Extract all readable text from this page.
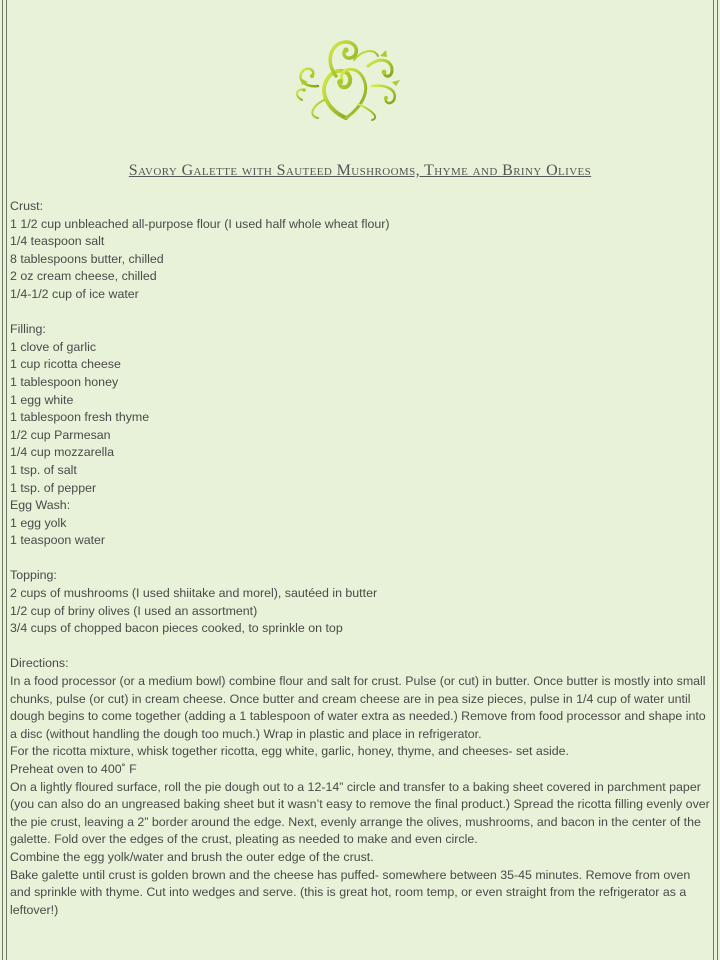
Savory Galette with Sauteed Mushrooms, Thyme and Briny Olives

Crust:

1 1/2 cup unbleached all-purpose flour (I used half whole wheat flour)

1/4 teaspoon salt

8 tablespoons butter, chilled

2 oz cream cheese, chilled

1/4-1/2 cup of ice water

Filling:

1 clove of garlic

1 cup ricotta cheese

1 tablespoon honey

1 egg white

1 tablespoon fresh thyme

1/2 cup Parmesan

1/4 cup mozzarella

1 tsp. of salt

1 tsp. of pepper

Egg Wash:

1 egg yolk

1 teaspoon water

Topping:

2 cups of mushrooms (I used shiitake and morel), sautéed in butter

1/2 cup of briny olives (I used an assortment)

3/4 cups of chopped bacon pieces cooked, to sprinkle on top

Directions:

In a food processor (or a medium bowl) combine flour and salt for crust. Pulse (or cut) in butter. Once butter is mostly into small chunks, pulse (or cut) in cream cheese. Once butter and cream cheese are in pea size pieces, pulse in 1/4 cup of water until dough begins to come together (adding a 1 tablespoon of water extra as needed.) Remove from food processor and shape into a disc (without handling the dough too much.) Wrap in plastic and place in refrigerator.

For the ricotta mixture, whisk together ricotta, egg white, garlic, honey, thyme, and cheeses- set aside.

Preheat oven to 400˚ F

On a lightly floured surface, roll the pie dough out to a 12-14” circle and transfer to a baking sheet covered in parchment paper (you can also do an ungreased baking sheet but it wasn’t easy to remove the final product.) Spread the ricotta filling evenly over the pie crust, leaving a 2” border around the edge. Next, evenly arrange the olives, mushrooms, and bacon in the center of the galette. Fold over the edges of the crust, pleating as needed to make and even circle.

Combine the egg yolk/water and brush the outer edge of the crust.

Bake galette until crust is golden brown and the cheese has puffed- somewhere between 35-45 minutes. Remove from oven and sprinkle with thyme. Cut into wedges and serve. (this is great hot, room temp, or even straight from the refrigerator as a leftover!)
